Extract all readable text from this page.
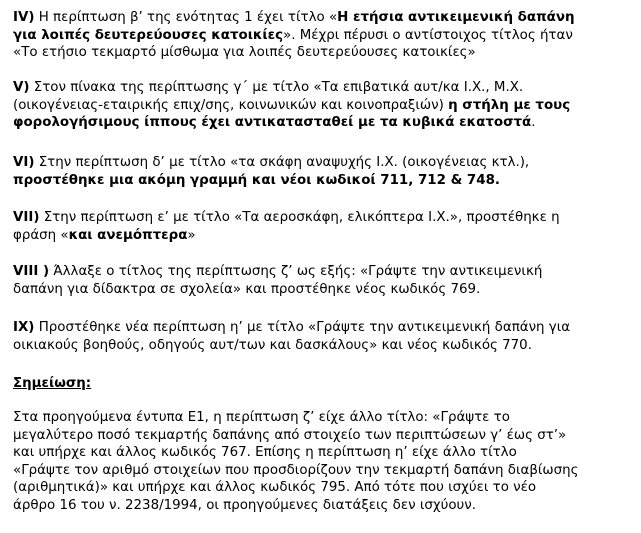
IV) Η περίπτωση β’ της ενότητας 1 έχει τίτλο «Η ετήσια αντικειμενική δαπάνη
για λοιπές δευτερεύουσες κατοικίες». Μέχρι πέρυσι ο αντίστοιχος τίτλος ήταν
«Το ετήσιο τεκμαρτό μίσθωμα για λοιπές δευτερεύουσες κατοικίες»

V) Στον πίνακα της περίπτωσης γ΄ με τίτλο «Τα επιβατικά αυτ/κα Ι.Χ., Μ.Χ.
(οικογένειας-εταιρικής επιχ/σης, κοινωνικών και κοινοπραξιών) η στήλη με τους
φορολογήσιμους ίππους έχει αντικατασταθεί με τα κυβικά εκατοστά.

VI) Στην περίπτωση δ’ με τίτλο «τα σκάφη αναψυχής Ι.Χ. (οικογένειας κτλ.),
προστέθηκε μια ακόμη γραμμή και νέοι κωδικοί 711, 712 & 748.

VII) Στην περίπτωση ε’ με τίτλο «Τα αεροσκάφη, ελικόπτερα Ι.Χ.», προστέθηκε η
φράση «και ανεμόπτερα»

VIII ) Άλλαξε ο τίτλος της περίπτωσης ζ’ ως εξής: «Γράψτε την αντικειμενική
δαπάνη για δίδακτρα σε σχολεία» και προστέθηκε νέος κωδικός 769.

IX) Προστέθηκε νέα περίπτωση η’ με τίτλο «Γράψτε την αντικειμενική δαπάνη για
οικιακούς βοηθούς, οδηγούς αυτ/των και δασκάλους» και νέος κωδικός 770.

Σημείωση:

Στα προηγούμενα έντυπα Ε1, η περίπτωση ζ’ είχε άλλο τίτλο: «Γράψτε το
μεγαλύτερο ποσό τεκμαρτής δαπάνης από στοιχείο των περιπτώσεων γ’ έως στ’»
και υπήρχε και άλλος κωδικός 767. Επίσης η περίπτωση η’ είχε άλλο τίτλο
«Γράψτε τον αριθμό στοιχείων που προσδιορίζουν την τεκμαρτή δαπάνη διαβίωσης
(αριθμητικά)» και υπήρχε και άλλος κωδικός 795. Από τότε που ισχύει το νέο
άρθρο 16 του ν. 2238/1994, οι προηγούμενες διατάξεις δεν ισχύουν.
